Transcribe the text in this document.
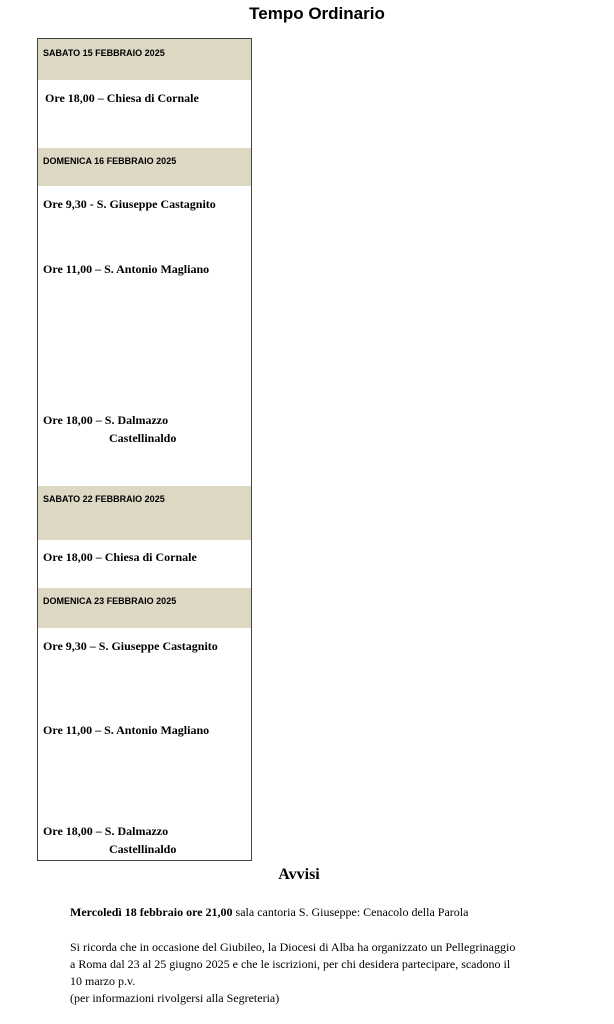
Tempo Ordinario
SABATO 15 FEBBRAIO 2025
Ore 18,00 – Chiesa di Cornale
DOMENICA 16 FEBBRAIO 2025
Ore 9,30 - S. Giuseppe Castagnito
Ore 11,00 – S. Antonio Magliano
Ore 18,00 – S. Dalmazzo
Castellinaldo
SABATO 22 FEBBRAIO 2025
Ore 18,00 – Chiesa di Cornale
DOMENICA 23 FEBBRAIO 2025
Ore 9,30 – S. Giuseppe Castagnito
Ore 11,00 – S. Antonio Magliano
Ore 18,00 – S. Dalmazzo
Castellinaldo
Avvisi
Mercoledì 18 febbraio ore 21,00 sala cantoria S. Giuseppe: Cenacolo della Parola
Si ricorda che in occasione del Giubileo, la Diocesi di Alba ha organizzato un Pellegrinaggio
a Roma dal 23 al 25 giugno 2025 e che le iscrizioni, per chi desidera partecipare, scadono il
10 marzo p.v.
(per informazioni rivolgersi alla Segreteria)
